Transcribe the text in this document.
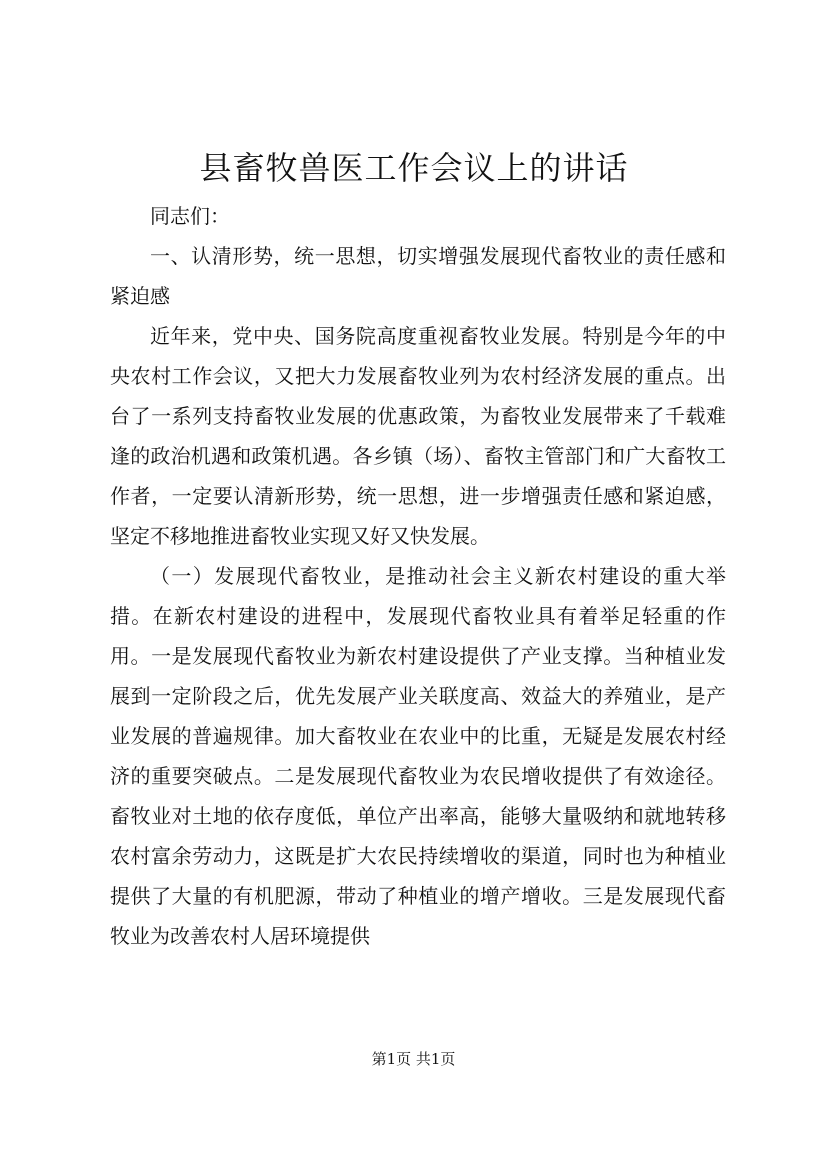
县畜牧兽医工作会议上的讲话

同志们：

一、认清形势，统一思想，切实增强发展现代畜牧业的责任感和紧迫感

近年来，党中央、国务院高度重视畜牧业发展。特别是今年的中央农村工作会议，又把大力发展畜牧业列为农村经济发展的重点。出台了一系列支持畜牧业发展的优惠政策，为畜牧业发展带来了千载难逢的政治机遇和政策机遇。各乡镇（场）、畜牧主管部门和广大畜牧工作者，一定要认清新形势，统一思想，进一步增强责任感和紧迫感，坚定不移地推进畜牧业实现又好又快发展。

（一）发展现代畜牧业，是推动社会主义新农村建设的重大举措。在新农村建设的进程中，发展现代畜牧业具有着举足轻重的作用。一是发展现代畜牧业为新农村建设提供了产业支撑。当种植业发展到一定阶段之后，优先发展产业关联度高、效益大的养殖业，是产业发展的普遍规律。加大畜牧业在农业中的比重，无疑是发展农村经济的重要突破点。二是发展现代畜牧业为农民增收提供了有效途径。畜牧业对土地的依存度低，单位产出率高，能够大量吸纳和就地转移农村富余劳动力，这既是扩大农民持续增收的渠道，同时也为种植业提供了大量的有机肥源，带动了种植业的增产增收。三是发展现代畜牧业为改善农村人居环境提供

第1页 共1页
